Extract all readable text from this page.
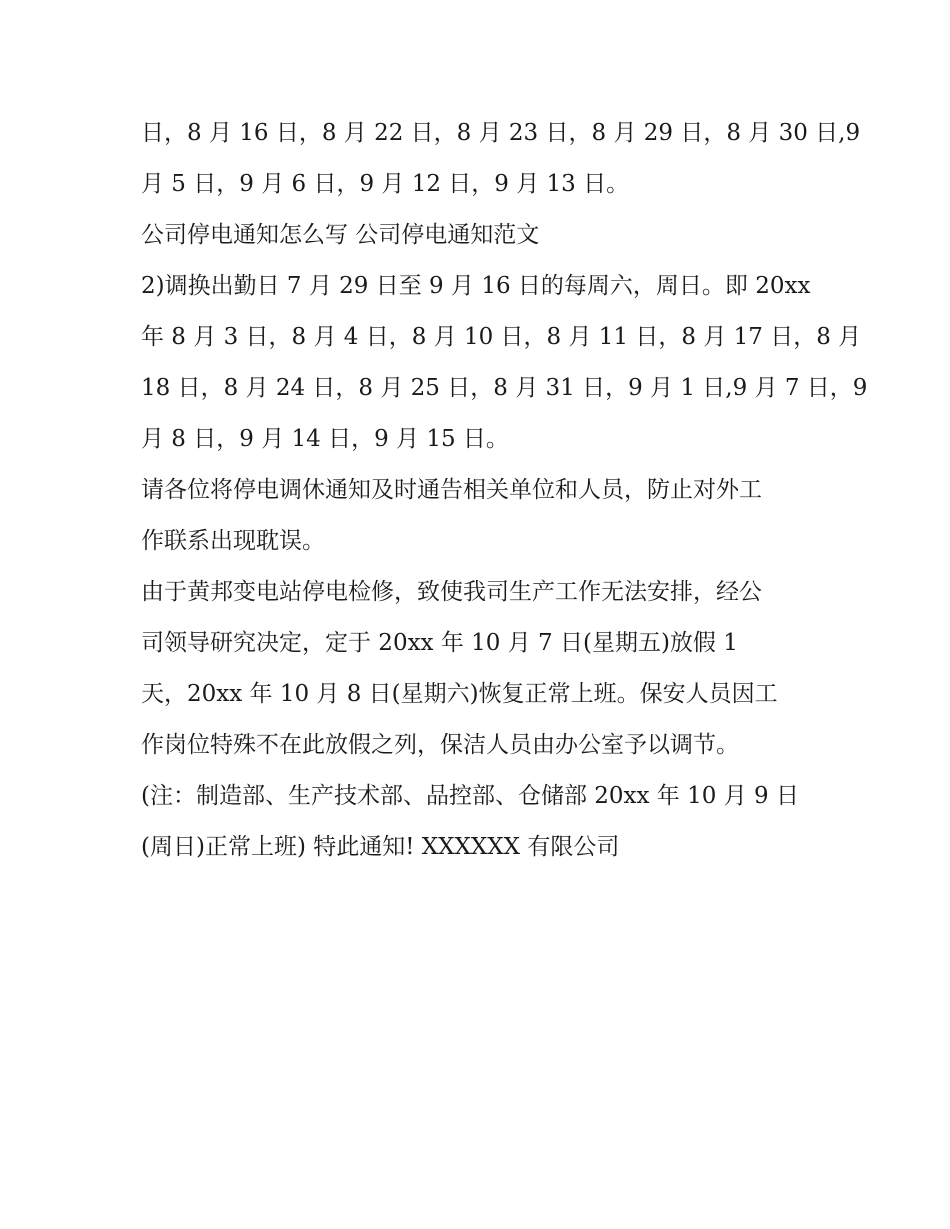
日，8 月 16 日，8 月 22 日，8 月 23 日，8 月 29 日，8 月 30 日,9
月 5 日，9 月 6 日，9 月 12 日，9 月 13 日。
公司停电通知怎么写 公司停电通知范文
2)调换出勤日 7 月 29 日至 9 月 16 日的每周六，周日。即 20xx
年 8 月 3 日，8 月 4 日，8 月 10 日，8 月 11 日，8 月 17 日，8 月
18 日，8 月 24 日，8 月 25 日，8 月 31 日，9 月 1 日,9 月 7 日，9
月 8 日，9 月 14 日，9 月 15 日。
请各位将停电调休通知及时通告相关单位和人员，防止对外工
作联系出现耽误。
由于黄邦变电站停电检修，致使我司生产工作无法安排，经公
司领导研究决定，定于 20xx 年 10 月 7 日(星期五)放假 1
天，20xx 年 10 月 8 日(星期六)恢复正常上班。保安人员因工
作岗位特殊不在此放假之列，保洁人员由办公室予以调节。
(注：制造部、生产技术部、品控部、仓储部 20xx 年 10 月 9 日
(周日)正常上班) 特此通知! XXXXXX 有限公司
